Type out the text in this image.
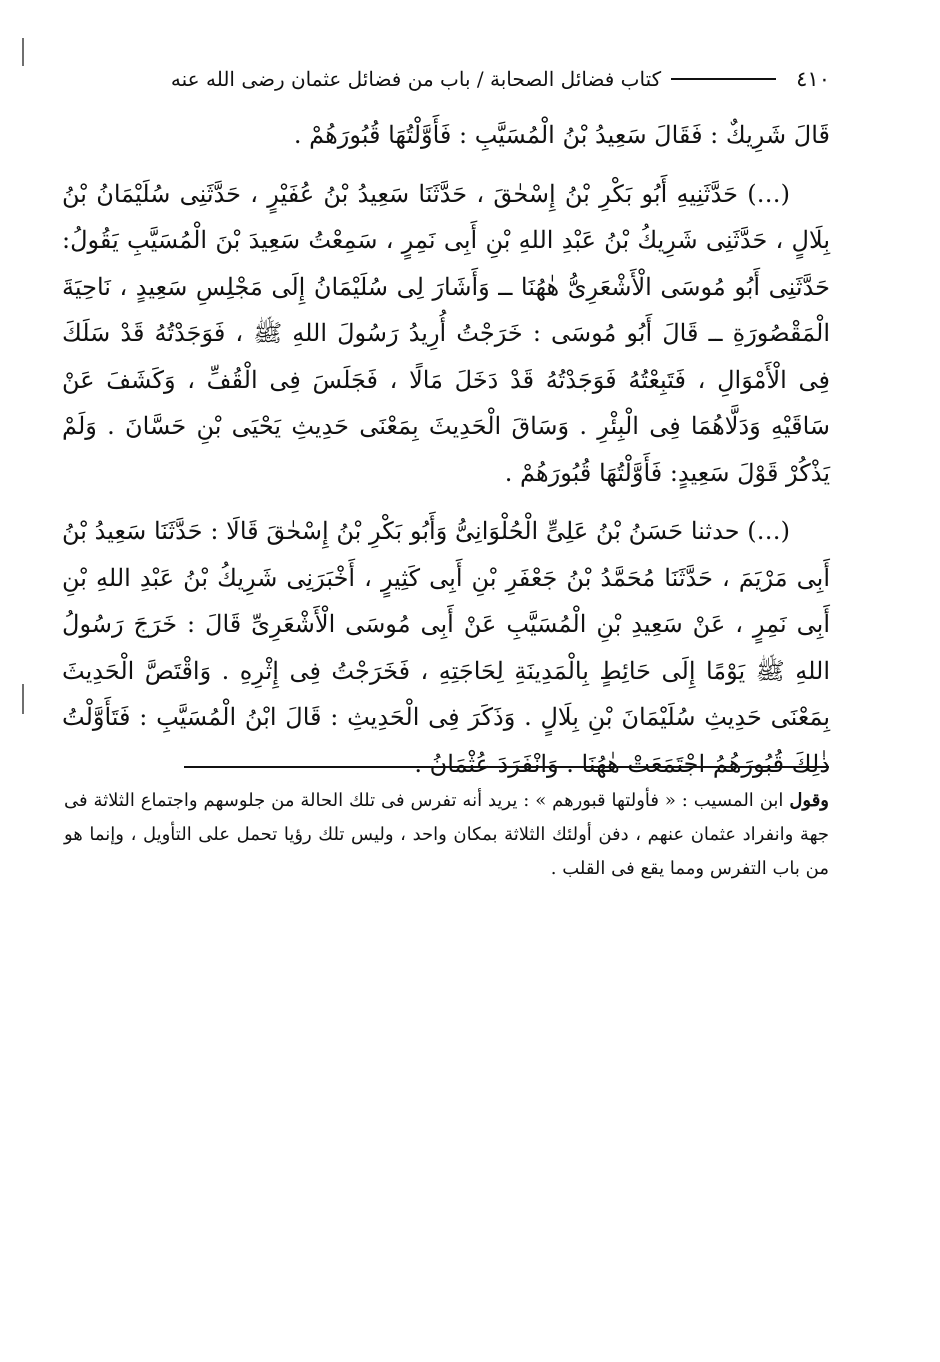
٤١٠
كتاب فضائل الصحابة / باب من فضائل عثمان رضى الله عنه

قَالَ شَرِيكٌ : فَقَالَ سَعِيدُ بْنُ الْمُسَيَّبِ : فَأَوَّلْتُهَا قُبُورَهُمْ .

(…) حَدَّثَنِيهِ أَبُو بَكْرِ بْنُ إِسْحٰقَ ، حَدَّثَنَا سَعِيدُ بْنُ عُفَيْرٍ ، حَدَّثَنِى سُلَيْمَانُ بْنُ بِلَالٍ ، حَدَّثَنِى شَرِيكُ بْنُ عَبْدِ اللهِ بْنِ أَبِى نَمِرٍ ، سَمِعْتُ سَعِيدَ بْنَ الْمُسَيَّبِ يَقُولُ: حَدَّثَنِى أَبُو مُوسَى الْأَشْعَرِىُّ هٰهُنَا ــ وَأَشَارَ لِى سُلَيْمَانُ إِلَى مَجْلِسِ سَعِيدٍ ، نَاحِيَةَ الْمَقْصُورَةِ ــ قَالَ أَبُو مُوسَى : خَرَجْتُ أُرِيدُ رَسُولَ اللهِ ﷺ ، فَوَجَدْتُهُ قَدْ سَلَكَ فِى الْأَمْوَالِ ، فَتَبِعْتُهُ فَوَجَدْتُهُ قَدْ دَخَلَ مَالًا ، فَجَلَسَ فِى الْقُفِّ ، وَكَشَفَ عَنْ سَاقَيْهِ وَدَلَّاهُمَا فِى الْبِئْرِ . وَسَاقَ الْحَدِيثَ بِمَعْنَى حَدِيثِ يَحْيَى بْنِ حَسَّانَ . وَلَمْ يَذْكُرْ قَوْلَ سَعِيدٍ: فَأَوَّلْتُهَا قُبُورَهُمْ .

(…) حدثنا حَسَنُ بْنُ عَلِىٍّ الْحُلْوَانِىُّ وَأَبُو بَكْرِ بْنُ إِسْحٰقَ قَالَا : حَدَّثَنَا سَعِيدُ بْنُ أَبِى مَرْيَمَ ، حَدَّثَنَا مُحَمَّدُ بْنُ جَعْفَرِ بْنِ أَبِى كَثِيرٍ ، أَخْبَرَنِى شَرِيكُ بْنُ عَبْدِ اللهِ بْنِ أَبِى نَمِرٍ ، عَنْ سَعِيدِ بْنِ الْمُسَيَّبِ عَنْ أَبِى مُوسَى الْأَشْعَرِىِّ قَالَ : خَرَجَ رَسُولُ اللهِ ﷺ يَوْمًا إِلَى حَائِطٍ بِالْمَدِينَةِ لِحَاجَتِهِ ، فَخَرَجْتُ فِى إِثْرِهِ . وَاقْتَصَّ الْحَدِيثَ بِمَعْنَى حَدِيثِ سُلَيْمَانَ بْنِ بِلَالٍ . وَذَكَرَ فِى الْحَدِيثِ : قَالَ ابْنُ الْمُسَيَّبِ : فَتَأَوَّلْتُ ذٰلِكَ قُبُورَهُمُ اجْتَمَعَتْ هٰهُنَا . وَانْفَرَدَ عُثْمَانُ .

وقول ابن المسيب : « فأولتها قبورهم » : يريد أنه تفرس فى تلك الحالة من جلوسهم واجتماع الثلاثة فى جهة وانفراد عثمان عنهم ، دفن أولئك الثلاثة بمكان واحد ، وليس تلك رؤيا تحمل على التأويل ، وإنما هو من باب التفرس ومما يقع فى القلب .
